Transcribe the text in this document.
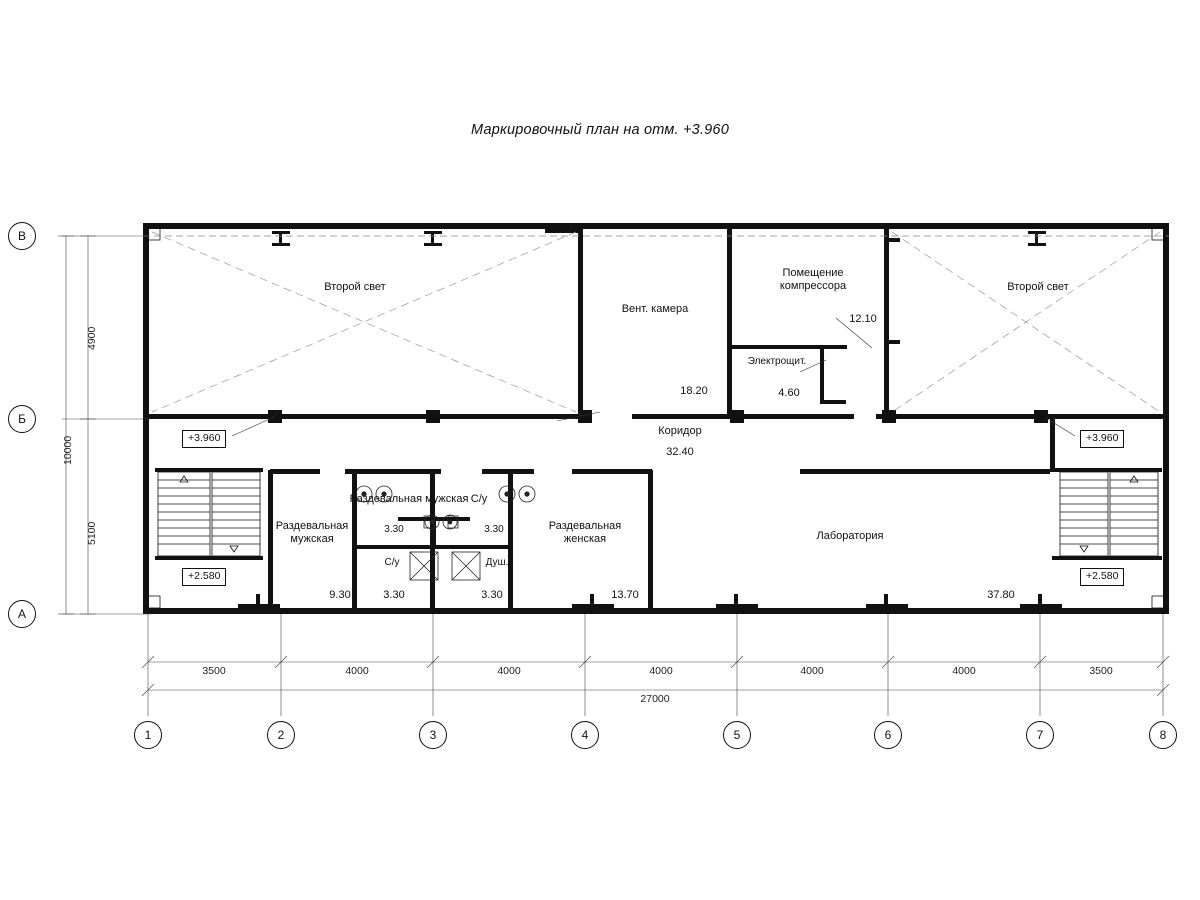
Маркировочный план на отм. +3.960
Второй свет
Вент. камера
Помещение
компрессора
Электрощит.
Второй свет
Коридор
Раздевальная
мужская
Раздевальная мужская С/у
С/у	Душ.
Раздевальная
женская	Лаборатория
18.20
12.10
4.60
32.40
3.30	3.30
9.30	3.30	3.30	13.70	37.80
+3.960
+2.580
+3.960
+2.580
В
Б
А
1	2	3	4	5	6	7	8
3500	4000	4000	4000	4000	4000	3500
27000
4900
5100
10000
